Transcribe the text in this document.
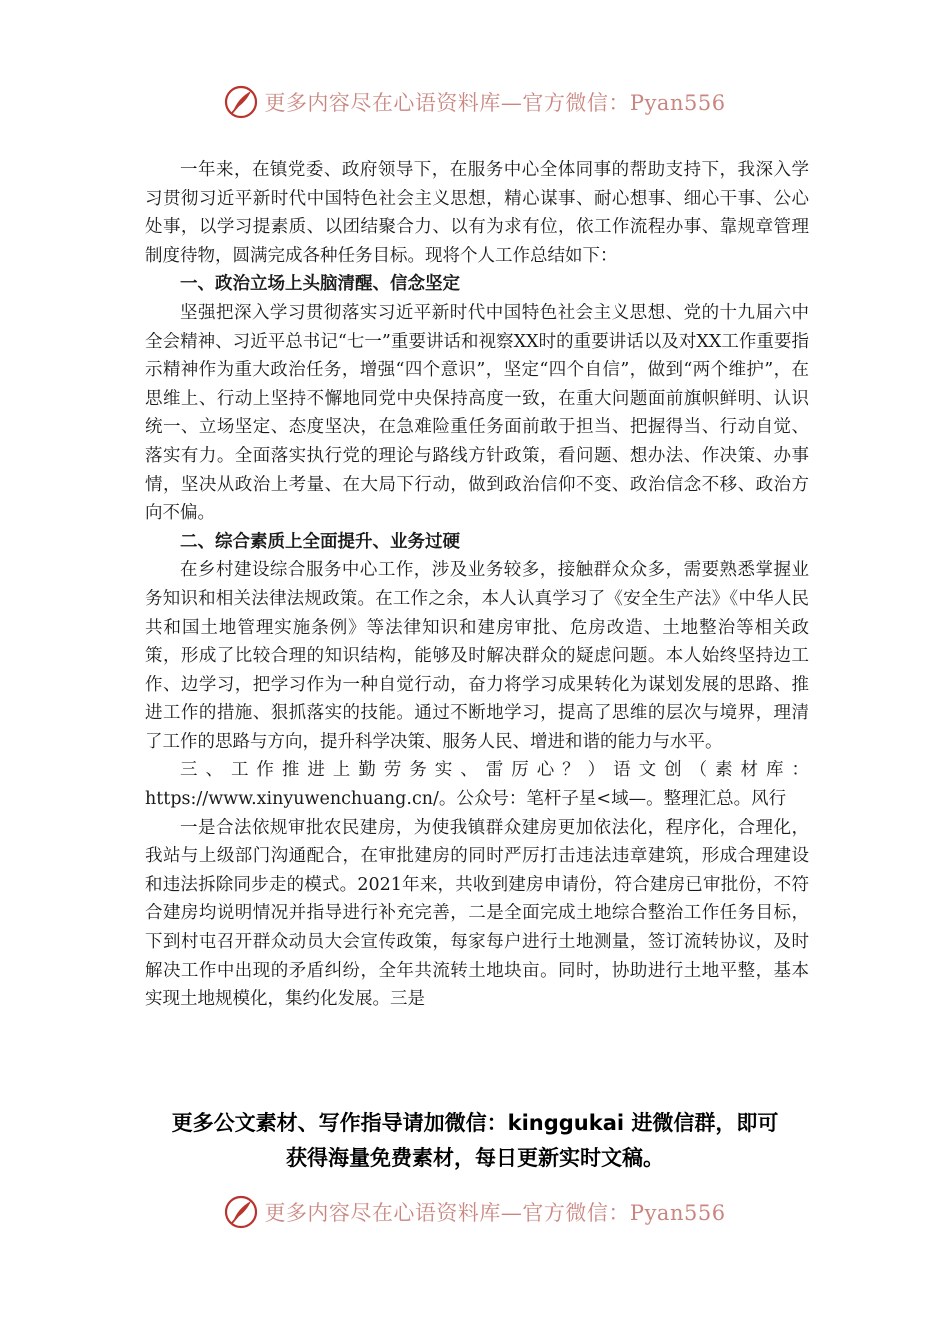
更多内容尽在心语资料库—官方微信：Pyan556

一年来，在镇党委、政府领导下，在服务中心全体同事的帮助支持下，我深入学习贯彻习近平新时代中国特色社会主义思想，精心谋事、耐心想事、细心干事、公心处事，以学习提素质、以团结聚合力、以有为求有位，依工作流程办事、靠规章管理制度待物，圆满完成各种任务目标。现将个人工作总结如下：

一、政治立场上头脑清醒、信念坚定

坚强把深入学习贯彻落实习近平新时代中国特色社会主义思想、党的十九届六中全会精神、习近平总书记“七一”重要讲话和视察XX时的重要讲话以及对XX工作重要指示精神作为重大政治任务，增强“四个意识”，坚定“四个自信”，做到“两个维护”，在思维上、行动上坚持不懈地同党中央保持高度一致，在重大问题面前旗帜鲜明、认识统一、立场坚定、态度坚决，在急难险重任务面前敢于担当、把握得当、行动自觉、落实有力。全面落实执行党的理论与路线方针政策，看问题、想办法、作决策、办事情，坚决从政治上考量、在大局下行动，做到政治信仰不变、政治信念不移、政治方向不偏。

二、综合素质上全面提升、业务过硬

在乡村建设综合服务中心工作，涉及业务较多，接触群众众多，需要熟悉掌握业务知识和相关法律法规政策。在工作之余，本人认真学习了《安全生产法》《中华人民共和国土地管理实施条例》等法律知识和建房审批、危房改造、土地整治等相关政策，形成了比较合理的知识结构，能够及时解决群众的疑虑问题。本人始终坚持边工作、边学习，把学习作为一种自觉行动，奋力将学习成果转化为谋划发展的思路、推进工作的措施、狠抓落实的技能。通过不断地学习，提高了思维的层次与境界，理清了工作的思路与方向，提升科学决策、服务人民、增进和谐的能力与水平。

三、工作推进上勤劳务实、雷厉心？）语文创（素材库：https://www.xinyuwenchuang.cn/。公众号：笔杆子星<域—。整理汇总。风行

一是合法依规审批农民建房，为使我镇群众建房更加依法化，程序化，合理化，我站与上级部门沟通配合，在审批建房的同时严厉打击违法违章建筑，形成合理建设和违法拆除同步走的模式。2021年来，共收到建房申请份，符合建房已审批份，不符合建房均说明情况并指导进行补充完善，二是全面完成土地综合整治工作任务目标，下到村屯召开群众动员大会宣传政策，每家每户进行土地测量，签订流转协议，及时解决工作中出现的矛盾纠纷，全年共流转土地块亩。同时，协助进行土地平整，基本实现土地规模化，集约化发展。三是

更多公文素材、写作指导请加微信：kinggukai 进微信群，即可
获得海量免费素材，每日更新实时文稿。
更多内容尽在心语资料库—官方微信：Pyan556
